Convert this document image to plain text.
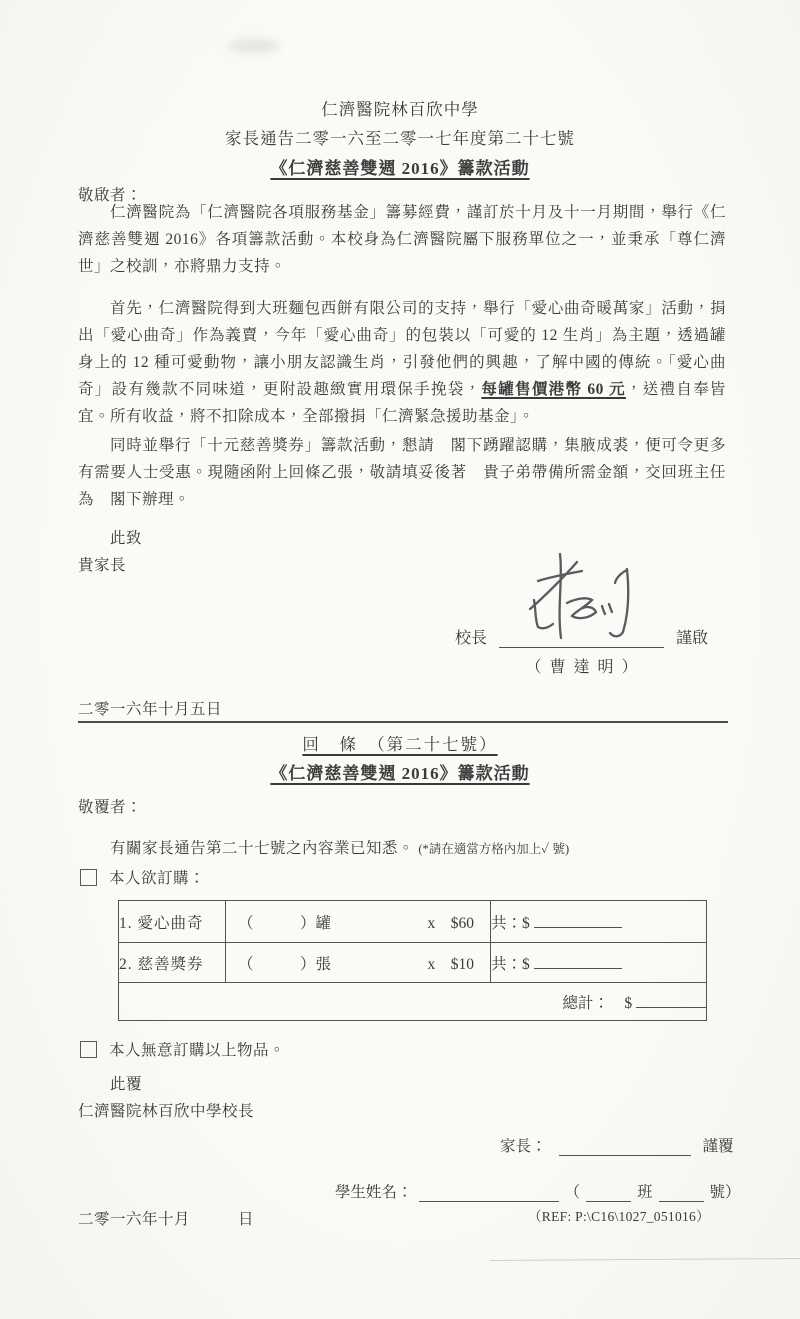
仁濟醫院林百欣中學
家長通告二零一六至二零一七年度第二十七號
《仁濟慈善雙週 2016》籌款活動
敬啟者：

仁濟醫院為「仁濟醫院各項服務基金」籌募經費，謹訂於十月及十一月期間，舉行《仁濟慈善雙週 2016》各項籌款活動。本校身為仁濟醫院屬下服務單位之一，並秉承「尊仁濟世」之校訓，亦將鼎力支持。

首先，仁濟醫院得到大班麵包西餅有限公司的支持，舉行「愛心曲奇暖萬家」活動，捐出「愛心曲奇」作為義賣，今年「愛心曲奇」的包裝以「可愛的 12 生肖」為主題，透過罐身上的 12 種可愛動物，讓小朋友認識生肖，引發他們的興趣，了解中國的傳統。「愛心曲奇」設有幾款不同味道，更附設趣緻實用環保手挽袋，每罐售價港幣 60 元，送禮自奉皆宜。所有收益，將不扣除成本，全部撥捐「仁濟緊急援助基金」。

同時並舉行「十元慈善獎券」籌款活動，懇請　閣下踴躍認購，集腋成裘，便可令更多有需要人士受惠。現隨函附上回條乙張，敬請填妥後著　貴子弟帶備所需金額，交回班主任為　閣下辦理。

此致
貴家長
校長	謹啟
（ 曹 達 明 ）
二零一六年十月五日
回　條　（第二十七號）
《仁濟慈善雙週 2016》籌款活動
敬覆者：
有關家長通告第二十七號之內容業已知悉。 (*請在適當方格內加上✓ 號)
本人欲訂購：
1. 愛心曲奇	（　　　）罐 x　$60	共：$
2. 慈善獎券	（　　　）張 x　$10	共：$
總計：　$		
本人無意訂購以上物品。
此覆
仁濟醫院林百欣中學校長
家長：	謹覆
學生姓名：	（	班	號）
二零一六年十月　　　日	（REF: P:\C16\1027_051016）
